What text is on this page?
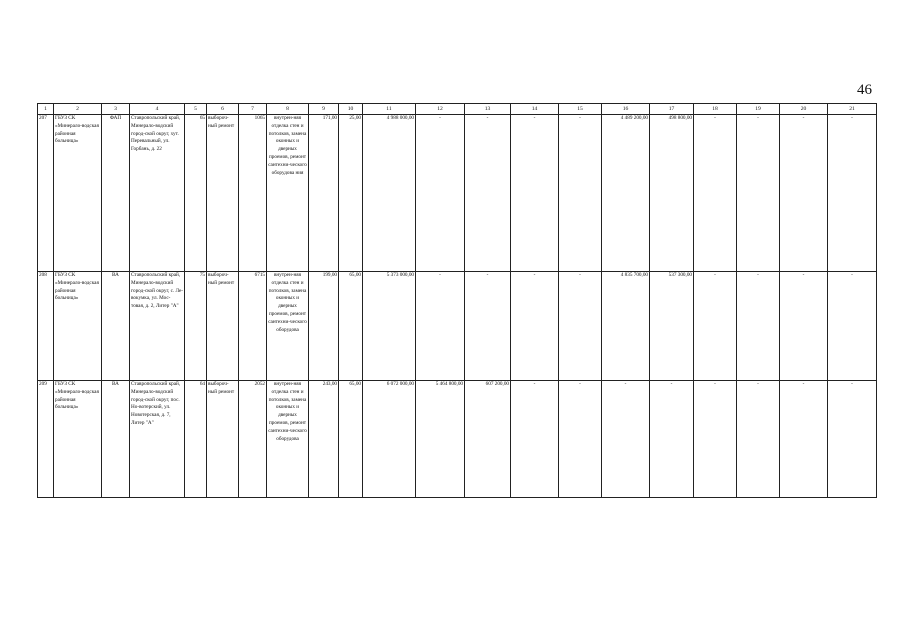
46
1	2	3	4	5	6	7	8	9	10	11	12	13	14	15	16	17	18	19	20	21
207	ГБУЗ СК «Минерало-водская районная больница»	ФАП	Ставропольский край, Минерало-водский город-ской округ, хут. Перевальный, ул. Горбань, д. 22	65	выбороч-ный ремонт	1065	внутрен-няя отделка стен и потолков, замена оконных и дверных проемов, ремонт сантехни-ческого оборудова ния	171,00	25,00	4 988 000,00	-	-	-	-	4 489 200,00	498 800,00	-	-	-	-
208	ГБУЗ СК «Минерало-водская районная больница»	ВА	Ставропольский край, Минерало-водский город-ской округ, с. Ле-вокумка, ул. Мос-товая, д. 2, Литер "А"	75	выбороч-ный ремонт	6715	внутрен-няя отделка стен и потолков, замена оконных и дверных проемов, ремонт сантехни-ческого оборудова	199,00	65,00	5 373 000,00	-	-	-	-	4 835 700,00	537 300,00	-	-	-	-
209	ГБУЗ СК «Минерало-водская районная больница»	ВА	Ставропольский край, Минерало-водский город-ской округ, пос. Но-вотерский, ул. Новотерская, д. 7, Литер "А"	64	выбороч-ный ремонт	2052	внутрен-няя отделка стен и потолков, замена оконных и дверных проемов, ремонт сантехни-ческого оборудова	243,00	65,00	6 072 000,00	5 464 800,00	607 200,00	-	-	-	-	-	-	-	-
